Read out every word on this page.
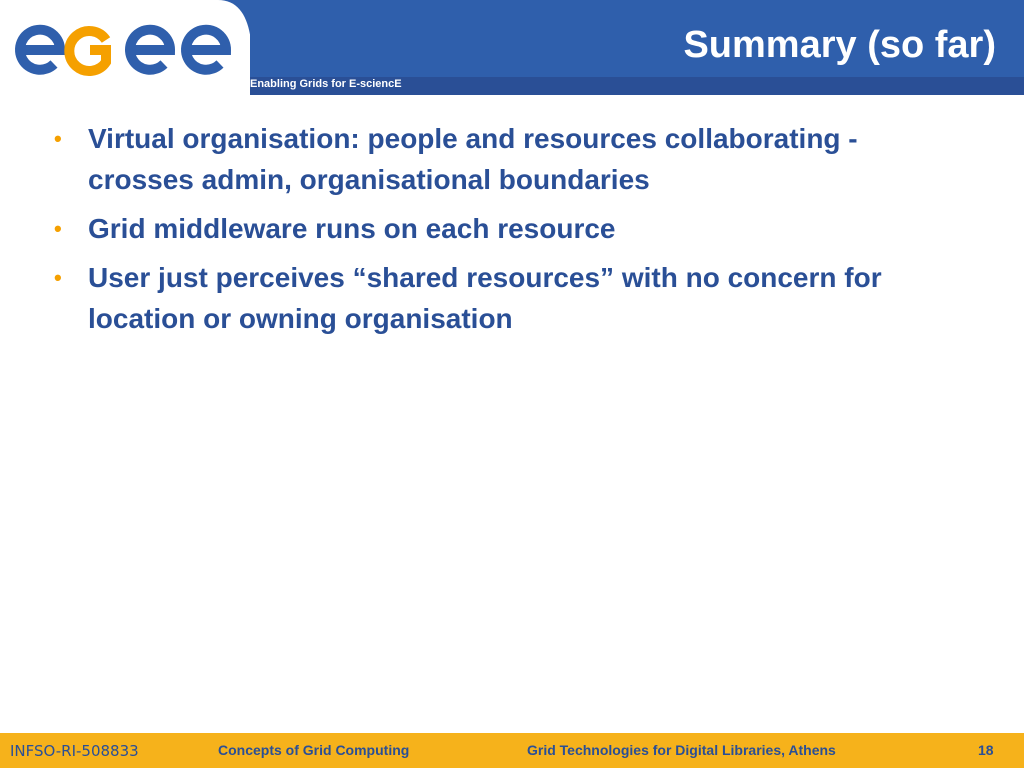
Enabling Grids for E-sciencE
Summary (so far)
• Virtual organisation: people and resources collaborating - crosses admin, organisational boundaries
• Grid middleware runs on each resource
• User just perceives “shared resources” with no concern for location or owning organisation
INFSO-RI-508833	Concepts of Grid Computing	Grid Technologies for Digital Libraries, Athens	18
